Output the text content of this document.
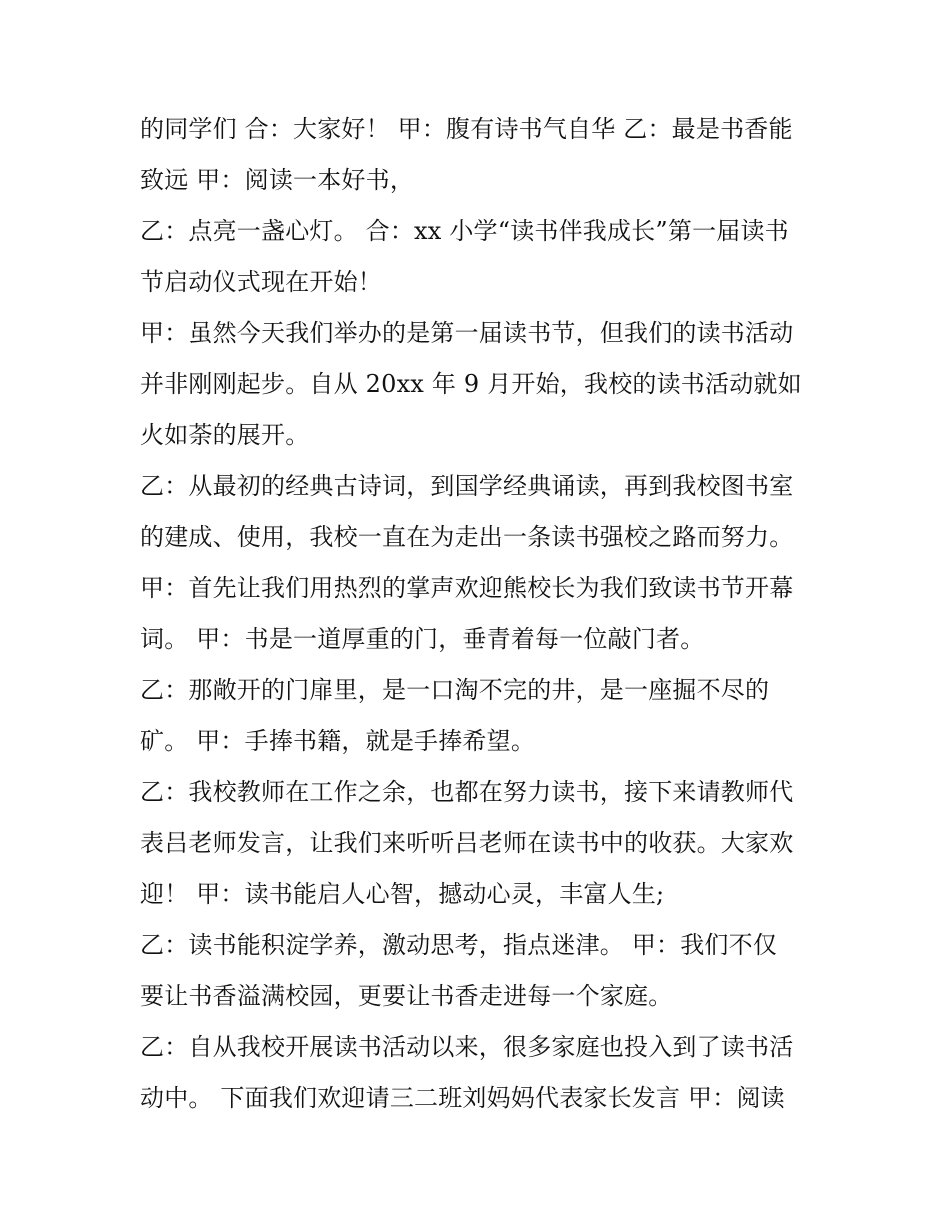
的同学们 合：大家好！ 甲：腹有诗书气自华 乙：最是书香能
致远 甲：阅读一本好书，
乙：点亮一盏心灯。 合：xx 小学“读书伴我成长”第一届读书
节启动仪式现在开始！
甲：虽然今天我们举办的是第一届读书节，但我们的读书活动
并非刚刚起步。自从 20xx 年 9 月开始，我校的读书活动就如
火如荼的展开。
乙：从最初的经典古诗词，到国学经典诵读，再到我校图书室
的建成、使用，我校一直在为走出一条读书强校之路而努力。
甲：首先让我们用热烈的掌声欢迎熊校长为我们致读书节开幕
词。 甲：书是一道厚重的门，垂青着每一位敲门者。
乙：那敞开的门扉里，是一口淘不完的井，是一座掘不尽的
矿。 甲：手捧书籍，就是手捧希望。
乙：我校教师在工作之余，也都在努力读书，接下来请教师代
表吕老师发言，让我们来听听吕老师在读书中的收获。大家欢
迎！ 甲：读书能启人心智，撼动心灵，丰富人生;
乙：读书能积淀学养，激动思考，指点迷津。 甲：我们不仅
要让书香溢满校园，更要让书香走进每一个家庭。
乙：自从我校开展读书活动以来，很多家庭也投入到了读书活
动中。 下面我们欢迎请三二班刘妈妈代表家长发言 甲：阅读
